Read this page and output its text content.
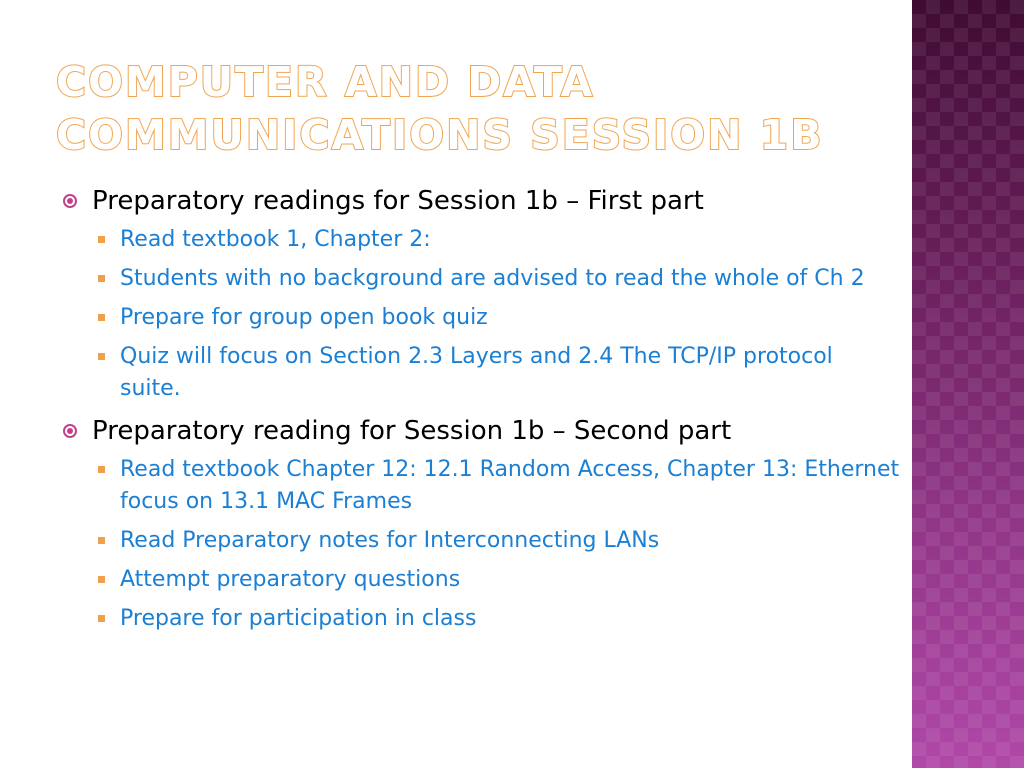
COMPUTER AND DATA
COMMUNICATIONS SESSION 1B

Preparatory readings for Session 1b – First part

Read textbook 1, Chapter 2:
Students with no background are advised to read the whole of Ch 2
Prepare for group open book quiz
Quiz will focus on Section 2.3 Layers and 2.4 The TCP/IP protocol suite.

Preparatory reading for Session 1b – Second part

Read textbook Chapter 12: 12.1 Random Access, Chapter 13: Ethernet focus on 13.1 MAC Frames
Read Preparatory notes for Interconnecting LANs
Attempt preparatory questions
Prepare for participation in class
